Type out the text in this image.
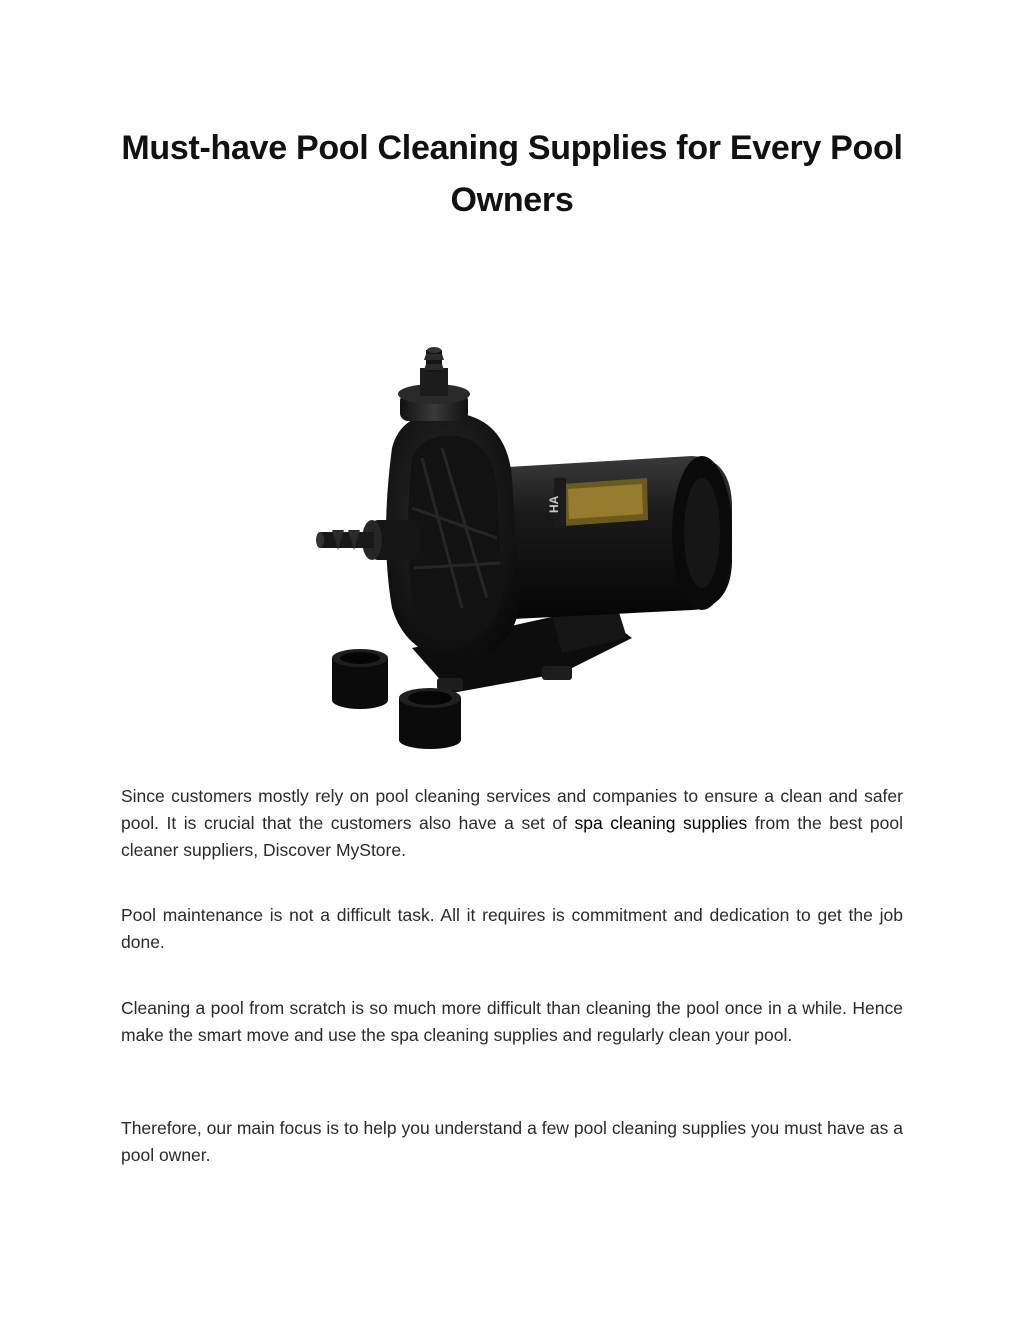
Must-have Pool Cleaning Supplies for Every Pool Owners
HA

Since customers mostly rely on pool cleaning services and companies to ensure a clean and safer pool. It is crucial that the customers also have a set of spa cleaning supplies from the best pool cleaner suppliers, Discover MyStore.

Pool maintenance is not a difficult task. All it requires is commitment and dedication to get the job done.

Cleaning a pool from scratch is so much more difficult than cleaning the pool once in a while. Hence make the smart move and use the spa cleaning supplies and regularly clean your pool.

Therefore, our main focus is to help you understand a few pool cleaning supplies you must have as a pool owner.
